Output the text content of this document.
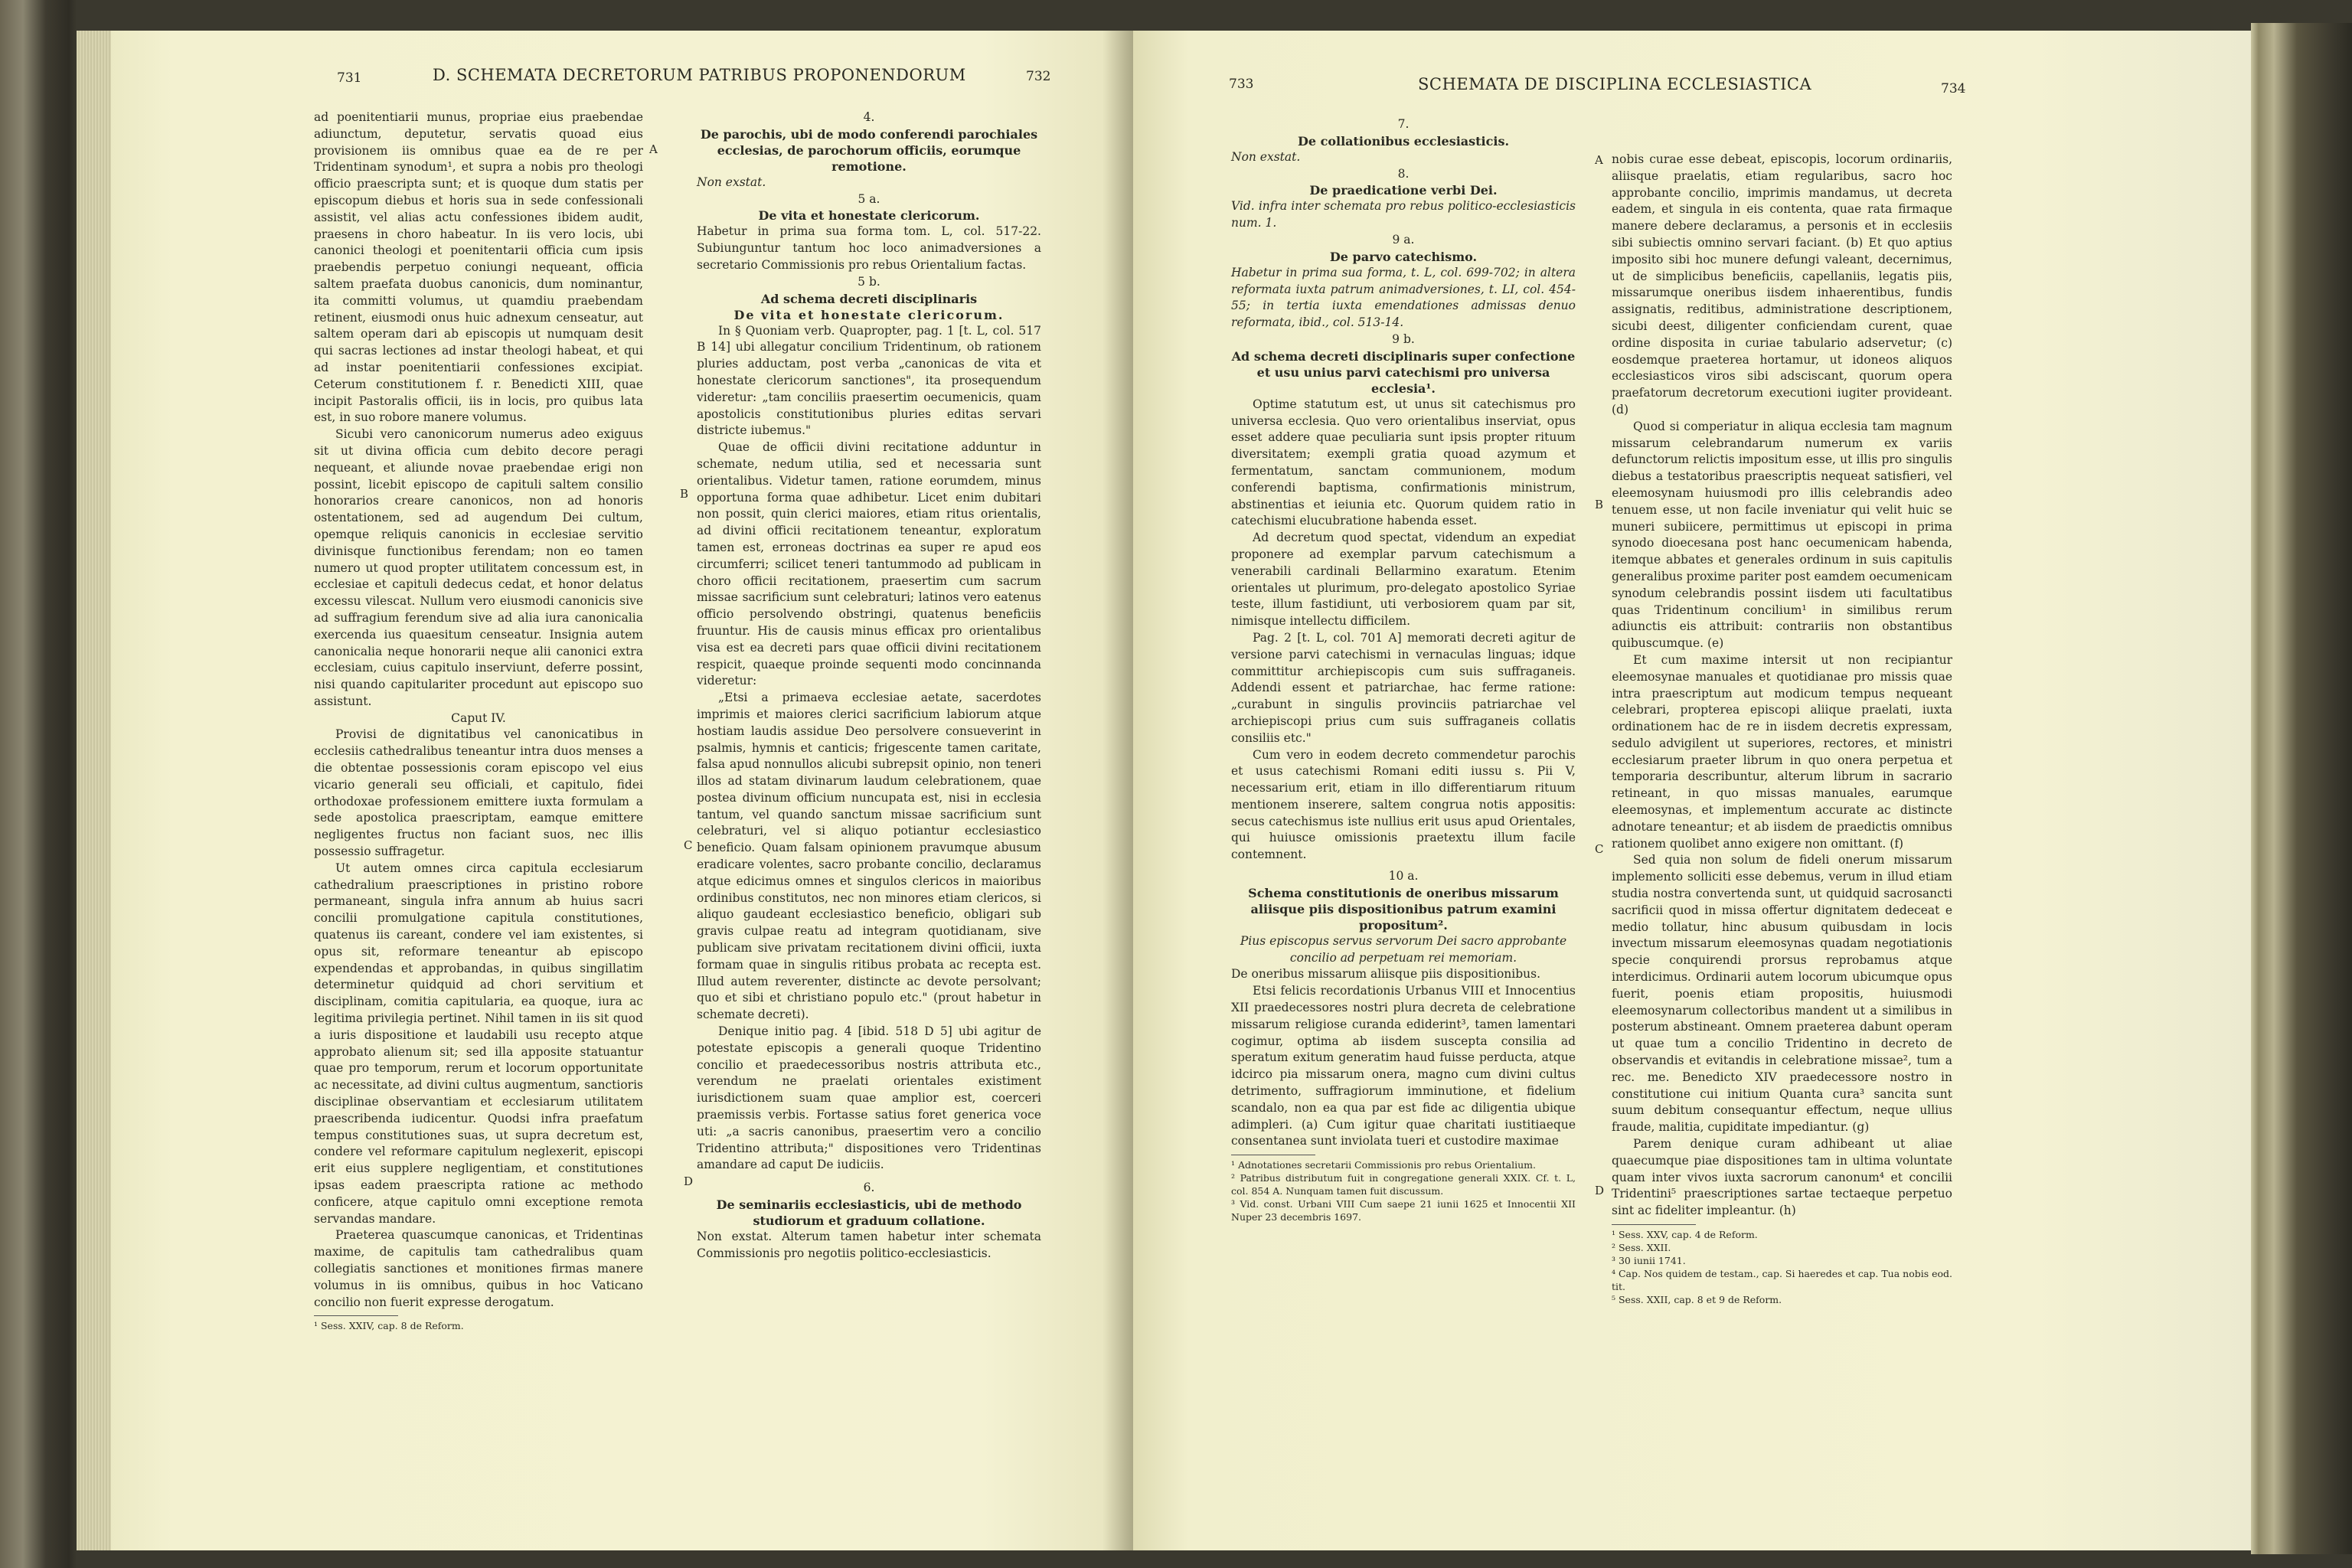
731	D. SCHEMATA DECRETORUM PATRIBUS PROPONENDORUM	732

ad poenitentiarii munus, propriae eius praebendae adiunctum, deputetur, servatis quoad eius provisionem iis omnibus quae ea de re per Tridentinam synodum¹, et supra a nobis pro theologi officio praescripta sunt; et is quoque dum statis per episcopum diebus et horis sua in sede confessionali assistit, vel alias actu confessiones ibidem audit, praesens in choro habeatur. In iis vero locis, ubi canonici theologi et poenitentarii officia cum ipsis praebendis perpetuo coniungi nequeant, officia saltem praefata duobus canonicis, dum nominantur, ita committi volumus, ut quamdiu praebendam retinent, eiusmodi onus huic adnexum censeatur, aut saltem operam dari ab episcopis ut numquam desit qui sacras lectiones ad instar theologi habeat, et qui ad instar poenitentiarii confessiones excipiat. Ceterum constitutionem f. r. Benedicti XIII, quae incipit Pastoralis officii, iis in locis, pro quibus lata est, in suo robore manere volumus.

Sicubi vero canonicorum numerus adeo exiguus sit ut divina officia cum debito decore peragi nequeant, et aliunde novae praebendae erigi non possint, licebit episcopo de capituli saltem consilio honorarios creare canonicos, non ad honoris ostentationem, sed ad augendum Dei cultum, opemque reliquis canonicis in ecclesiae servitio divinisque functionibus ferendam; non eo tamen numero ut quod propter utilitatem concessum est, in ecclesiae et capituli dedecus cedat, et honor delatus excessu vilescat. Nullum vero eiusmodi canonicis sive ad suffragium ferendum sive ad alia iura canonicalia exercenda ius quaesitum censeatur. Insignia autem canonicalia neque honorarii neque alii canonici extra ecclesiam, cuius capitulo inserviunt, deferre possint, nisi quando capitulariter procedunt aut episcopo suo assistunt.

Caput IV.

Provisi de dignitatibus vel canonicatibus in ecclesiis cathedralibus teneantur intra duos menses a die obtentae possessionis coram episcopo vel eius vicario generali seu officiali, et capitulo, fidei orthodoxae professionem emittere iuxta formulam a sede apostolica praescriptam, eamque emittere negligentes fructus non faciant suos, nec illis possessio suffragetur.

Ut autem omnes circa capitula ecclesiarum cathedralium praescriptiones in pristino robore permaneant, singula infra annum ab huius sacri concilii promulgatione capitula constitutiones, quatenus iis careant, condere vel iam existentes, si opus sit, reformare teneantur ab episcopo expendendas et approbandas, in quibus singillatim determinetur quidquid ad chori servitium et disciplinam, comitia capitularia, ea quoque, iura ac legitima privilegia pertinet. Nihil tamen in iis sit quod a iuris dispositione et laudabili usu recepto atque approbato alienum sit; sed illa apposite statuantur quae pro temporum, rerum et locorum opportunitate ac necessitate, ad divini cultus augmentum, sanctioris disciplinae observantiam et ecclesiarum utilitatem praescribenda iudicentur. Quodsi infra praefatum tempus constitutiones suas, ut supra decretum est, condere vel reformare capitulum neglexerit, episcopi erit eius supplere negligentiam, et constitutiones ipsas eadem praescripta ratione ac methodo conficere, atque capitulo omni exceptione remota servandas mandare.

Praeterea quascumque canonicas, et Tridentinas maxime, de capitulis tam cathedralibus quam collegiatis sanctiones et monitiones firmas manere volumus in iis omnibus, quibus in hoc Vaticano concilio non fuerit expresse derogatum.

¹ Sess. XXIV, cap. 8 de Reform.

A
B
C
D

4.

De parochis, ubi de modo conferendi parochiales ecclesias, de parochorum officiis, eorumque remotione.

Non exstat.

5 a.

De vita et honestate clericorum.

Habetur in prima sua forma tom. L, col. 517-22. Subiunguntur tantum hoc loco animadversiones a secretario Commissionis pro rebus Orientalium factas.

5 b.

Ad schema decreti disciplinaris

De vita et honestate clericorum.

In § Quoniam verb. Quapropter, pag. 1 [t. L, col. 517 B 14] ubi allegatur concilium Tridentinum, ob rationem pluries adductam, post verba „canonicas de vita et honestate clericorum sanctiones", ita prosequendum videretur: „tam conciliis praesertim oecumenicis, quam apostolicis constitutionibus pluries editas servari districte iubemus."

Quae de officii divini recitatione adduntur in schemate, nedum utilia, sed et necessaria sunt orientalibus. Videtur tamen, ratione eorumdem, minus opportuna forma quae adhibetur. Licet enim dubitari non possit, quin clerici maiores, etiam ritus orientalis, ad divini officii recitationem teneantur, exploratum tamen est, erroneas doctrinas ea super re apud eos circumferri; scilicet teneri tantummodo ad publicam in choro officii recitationem, praesertim cum sacrum missae sacrificium sunt celebraturi; latinos vero eatenus officio persolvendo obstringi, quatenus beneficiis fruuntur. His de causis minus efficax pro orientalibus visa est ea decreti pars quae officii divini recitationem respicit, quaeque proinde sequenti modo concinnanda videretur:

„Etsi a primaeva ecclesiae aetate, sacerdotes imprimis et maiores clerici sacrificium labiorum atque hostiam laudis assidue Deo persolvere consueverint in psalmis, hymnis et canticis; frigescente tamen caritate, falsa apud nonnullos alicubi subrepsit opinio, non teneri illos ad statam divinarum laudum celebrationem, quae postea divinum officium nuncupata est, nisi in ecclesia tantum, vel quando sanctum missae sacrificium sunt celebraturi, vel si aliquo potiantur ecclesiastico beneficio. Quam falsam opinionem pravumque abusum eradicare volentes, sacro probante concilio, declaramus atque edicimus omnes et singulos clericos in maioribus ordinibus constitutos, nec non minores etiam clericos, si aliquo gaudeant ecclesiastico beneficio, obligari sub gravis culpae reatu ad integram quotidianam, sive publicam sive privatam recitationem divini officii, iuxta formam quae in singulis ritibus probata ac recepta est. Illud autem reverenter, distincte ac devote persolvant; quo et sibi et christiano populo etc." (prout habetur in schemate decreti).

Denique initio pag. 4 [ibid. 518 D 5] ubi agitur de potestate episcopis a generali quoque Tridentino concilio et praedecessoribus nostris attributa etc., verendum ne praelati orientales existiment iurisdictionem suam quae amplior est, coerceri praemissis verbis. Fortasse satius foret generica voce uti: „a sacris canonibus, praesertim vero a concilio Tridentino attributa;" dispositiones vero Tridentinas amandare ad caput De iudiciis.

6.

De seminariis ecclesiasticis, ubi de methodo studiorum et graduum collatione.

Non exstat. Alterum tamen habetur inter schemata Commissionis pro negotiis politico-ecclesiasticis.

733	SCHEMATA DE DISCIPLINA ECCLESIASTICA	734

7.

De collationibus ecclesiasticis.

Non exstat.

8.

De praedicatione verbi Dei.

Vid. infra inter schemata pro rebus politico-ecclesiasticis num. 1.

9 a.

De parvo catechismo.

Habetur in prima sua forma, t. L, col. 699-702; in altera reformata iuxta patrum animadversiones, t. LI, col. 454-55; in tertia iuxta emendationes admissas denuo reformata, ibid., col. 513-14.

9 b.

Ad schema decreti disciplinaris super confectione et usu unius parvi catechismi pro universa ecclesia¹.

Optime statutum est, ut unus sit catechismus pro universa ecclesia. Quo vero orientalibus inserviat, opus esset addere quae peculiaria sunt ipsis propter rituum diversitatem; exempli gratia quoad azymum et fermentatum, sanctam communionem, modum conferendi baptisma, confirmationis ministrum, abstinentias et ieiunia etc. Quorum quidem ratio in catechismi elucubratione habenda esset.

Ad decretum quod spectat, videndum an expediat proponere ad exemplar parvum catechismum a venerabili cardinali Bellarmino exaratum. Etenim orientales ut plurimum, pro-delegato apostolico Syriae teste, illum fastidiunt, uti verbosiorem quam par sit, nimisque intellectu difficilem.

Pag. 2 [t. L, col. 701 A] memorati decreti agitur de versione parvi catechismi in vernaculas linguas; idque committitur archiepiscopis cum suis suffraganeis. Addendi essent et patriarchae, hac ferme ratione: „curabunt in singulis provinciis patriarchae vel archiepiscopi prius cum suis suffraganeis collatis consiliis etc."

Cum vero in eodem decreto commendetur parochis et usus catechismi Romani editi iussu s. Pii V, necessarium erit, etiam in illo differentiarum rituum mentionem inserere, saltem congrua notis appositis: secus catechismus iste nullius erit usus apud Orientales, qui huiusce omissionis praetextu illum facile contemnent.

10 a.

Schema constitutionis de oneribus missarum aliisque piis dispositionibus patrum examini propositum².

Pius episcopus servus servorum Dei sacro approbante concilio ad perpetuam rei memoriam.

De oneribus missarum aliisque piis dispositionibus.

Etsi felicis recordationis Urbanus VIII et Innocentius XII praedecessores nostri plura decreta de celebratione missarum religiose curanda ediderint³, tamen lamentari cogimur, optima ab iisdem suscepta consilia ad speratum exitum generatim haud fuisse perducta, atque idcirco pia missarum onera, magno cum divini cultus detrimento, suffragiorum imminutione, et fidelium scandalo, non ea qua par est fide ac diligentia ubique adimpleri. (a) Cum igitur quae charitati iustitiaeque consentanea sunt inviolata tueri et custodire maximae

¹ Adnotationes secretarii Commissionis pro rebus Orientalium.

² Patribus distributum fuit in congregatione generali XXIX. Cf. t. L, col. 854 A. Nunquam tamen fuit discussum.

³ Vid. const. Urbani VIII Cum saepe 21 iunii 1625 et Innocentii XII Nuper 23 decembris 1697.

A
B
C
D

nobis curae esse debeat, episcopis, locorum ordinariis, aliisque praelatis, etiam regularibus, sacro hoc approbante concilio, imprimis mandamus, ut decreta eadem, et singula in eis contenta, quae rata firmaque manere debere declaramus, a personis et in ecclesiis sibi subiectis omnino servari faciant. (b) Et quo aptius imposito sibi hoc munere defungi valeant, decernimus, ut de simplicibus beneficiis, capellaniis, legatis piis, missarumque oneribus iisdem inhaerentibus, fundis assignatis, reditibus, administratione descriptionem, sicubi deest, diligenter conficiendam curent, quae ordine disposita in curiae tabulario adservetur; (c) eosdemque praeterea hortamur, ut idoneos aliquos ecclesiasticos viros sibi adsciscant, quorum opera praefatorum decretorum executioni iugiter provideant. (d)

Quod si comperiatur in aliqua ecclesia tam magnum missarum celebrandarum numerum ex variis defunctorum relictis impositum esse, ut illis pro singulis diebus a testatoribus praescriptis nequeat satisfieri, vel eleemosynam huiusmodi pro illis celebrandis adeo tenuem esse, ut non facile inveniatur qui velit huic se muneri subiicere, permittimus ut episcopi in prima synodo dioecesana post hanc oecumenicam habenda, itemque abbates et generales ordinum in suis capitulis generalibus proxime pariter post eamdem oecumenicam synodum celebrandis possint iisdem uti facultatibus quas Tridentinum concilium¹ in similibus rerum adiunctis eis attribuit: contrariis non obstantibus quibuscumque. (e)

Et cum maxime intersit ut non recipiantur eleemosynae manuales et quotidianae pro missis quae intra praescriptum aut modicum tempus nequeant celebrari, propterea episcopi aliique praelati, iuxta ordinationem hac de re in iisdem decretis expressam, sedulo advigilent ut superiores, rectores, et ministri ecclesiarum praeter librum in quo onera perpetua et temporaria describuntur, alterum librum in sacrario retineant, in quo missas manuales, earumque eleemosynas, et implementum accurate ac distincte adnotare teneantur; et ab iisdem de praedictis omnibus rationem quolibet anno exigere non omittant. (f)

Sed quia non solum de fideli onerum missarum implemento solliciti esse debemus, verum in illud etiam studia nostra convertenda sunt, ut quidquid sacrosancti sacrificii quod in missa offertur dignitatem dedeceat e medio tollatur, hinc abusum quibusdam in locis invectum missarum eleemosynas quadam negotiationis specie conquirendi prorsus reprobamus atque interdicimus. Ordinarii autem locorum ubicumque opus fuerit, poenis etiam propositis, huiusmodi eleemosynarum collectoribus mandent ut a similibus in posterum abstineant. Omnem praeterea dabunt operam ut quae tum a concilio Tridentino in decreto de observandis et evitandis in celebratione missae², tum a rec. me. Benedicto XIV praedecessore nostro in constitutione cui initium Quanta cura³ sancita sunt suum debitum consequantur effectum, neque ullius fraude, malitia, cupiditate impediantur. (g)

Parem denique curam adhibeant ut aliae quaecumque piae dispositiones tam in ultima voluntate quam inter vivos iuxta sacrorum canonum⁴ et concilii Tridentini⁵ praescriptiones sartae tectaeque perpetuo sint ac fideliter impleantur. (h)

¹ Sess. XXV, cap. 4 de Reform.

² Sess. XXII.

³ 30 iunii 1741.

⁴ Cap. Nos quidem de testam., cap. Si haeredes et cap. Tua nobis eod. tit.

⁵ Sess. XXII, cap. 8 et 9 de Reform.
